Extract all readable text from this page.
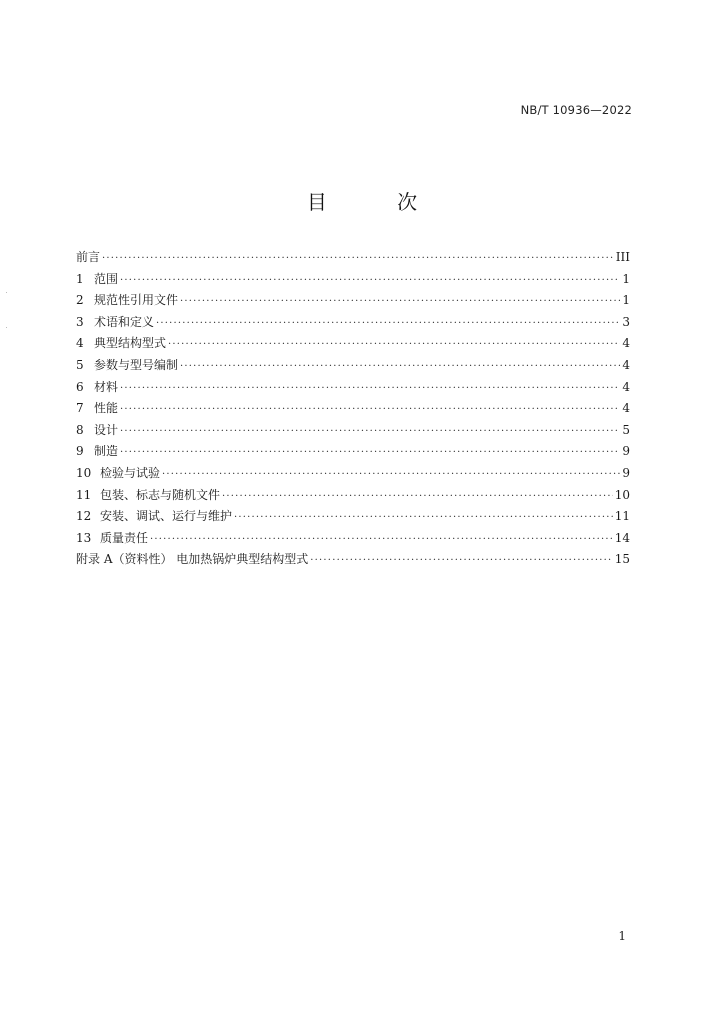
NB/T 10936—2022
目 次
前言 ·····	III
1 范围 ·····	1
2 规范性引用文件 ·····	1
3 术语和定义 ·····	3
4 典型结构型式 ·····	4
5 参数与型号编制 ·····	4
6 材料 ·····	4
7 性能 ·····	4
8 设计 ·····	5
9 制造 ·····	9
10 检验与试验 ·····	9
11 包装、标志与随机文件 ·····	10
12 安装、调试、运行与维护 ·····	11
13 质量责任 ·····	14
附录 A（资料性） 电加热锅炉典型结构型式 ·····	15
1
